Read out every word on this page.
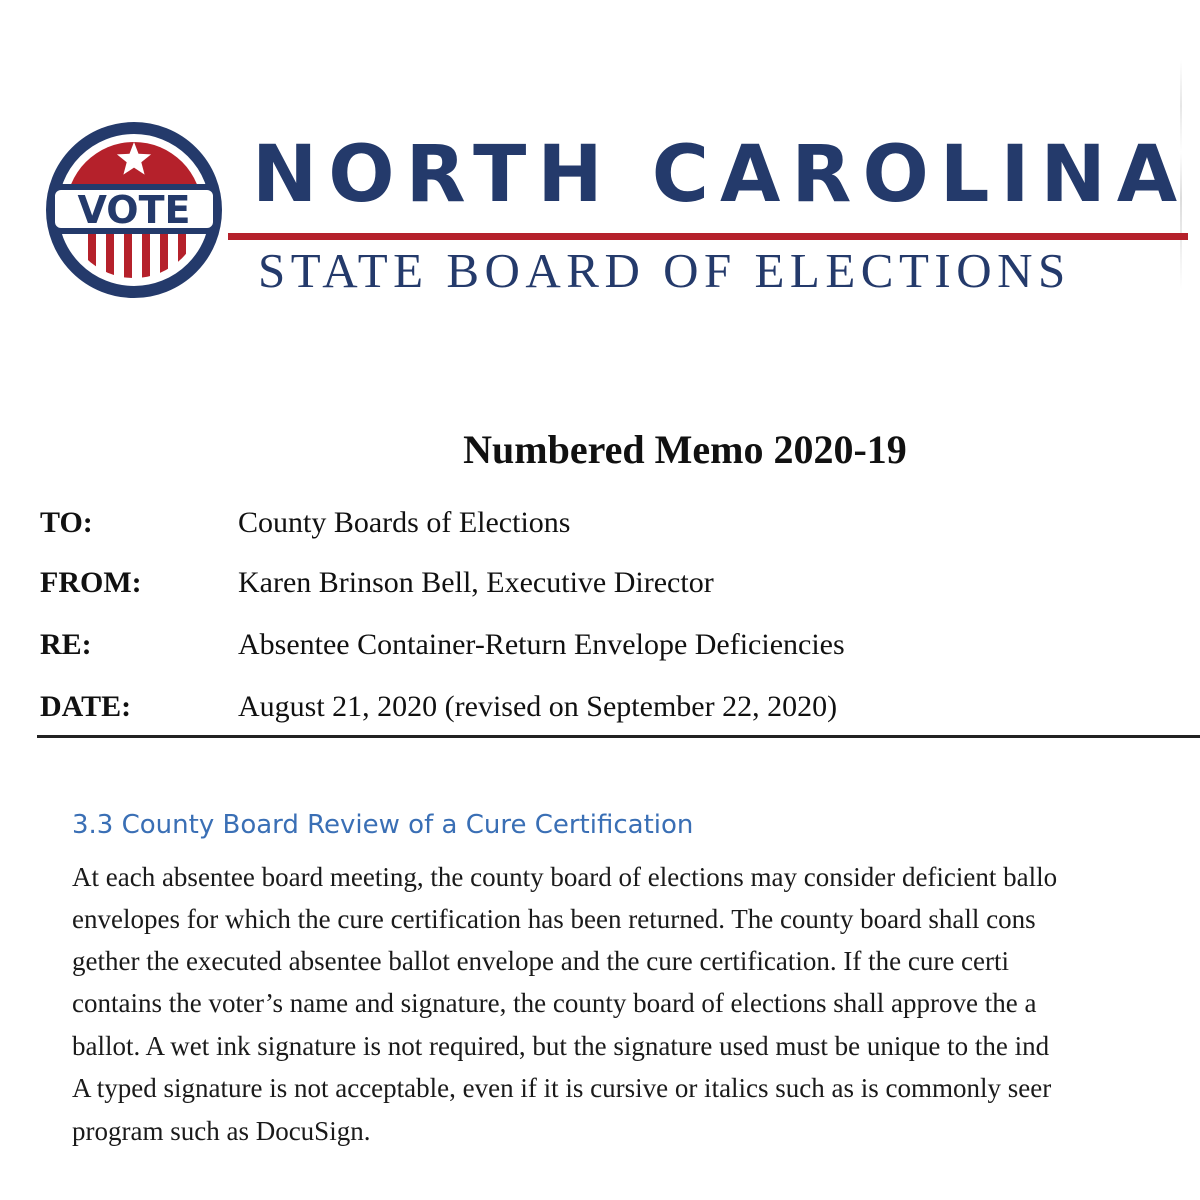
VOTE NORTH CAROLINA
STATE BOARD OF ELECTIONS
Numbered Memo 2020-19
TO:	County Boards of Elections
FROM:	Karen Brinson Bell, Executive Director
RE:	Absentee Container-Return Envelope Deficiencies
DATE:	August 21, 2020 (revised on September 22, 2020)
3.3 County Board Review of a Cure Certification
At each absentee board meeting, the county board of elections may consider deficient ballo
envelopes for which the cure certification has been returned. The county board shall cons
gether the executed absentee ballot envelope and the cure certification. If the cure certi
contains the voter’s name and signature, the county board of elections shall approve the a
ballot. A wet ink signature is not required, but the signature used must be unique to the ind
A typed signature is not acceptable, even if it is cursive or italics such as is commonly seer
program such as DocuSign.
